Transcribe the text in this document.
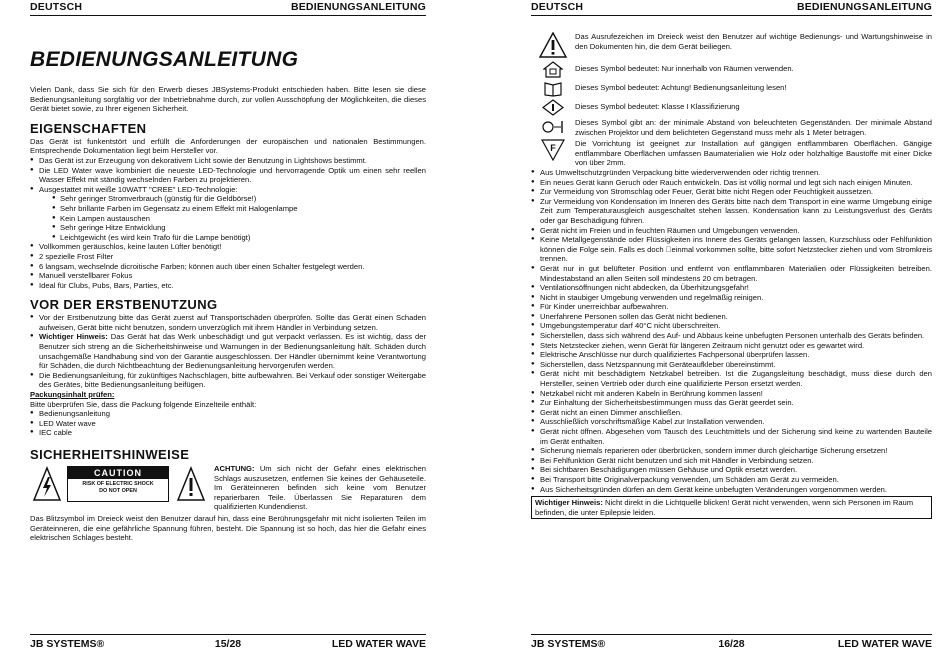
DEUTSCH	BEDIENUNGSANLEITUNG
BEDIENUNGSANLEITUNG

Vielen Dank, dass Sie sich für den Erwerb dieses JBSystems-Produkt entschieden haben. Bitte lesen sie diese Bedienungsanleitung sorgfältig vor der Inbetriebnahme durch, zur vollen Ausschöpfung der Möglichkeiten, die dieses Gerät bietet sowie, zu Ihrer eigenen Sicherheit.

EIGENSCHAFTEN

Das Gerät ist funkentstört und erfüllt die Anforderungen der europäischen und nationalen Bestimmungen. Entsprechende Dokumentation liegt beim Hersteller vor.

● Das Gerät ist zur Erzeugung von dekorativem Licht sowie der Benutzung in Lightshows bestimmt.
● Die LED Water wave kombiniert die neueste LED-Technologie und hervorragende Optik um einen sehr reellen Wasser Effekt mit ständig wechselnden Farben zu projektieren.
● Ausgestattet mit weiße 10WATT "CREE" LED-Technologie:
● Sehr geringer Stromverbrauch (günstig für die Geldbörse!)
● Sehr brillante Farben im Gegensatz zu einem Effekt mit Halogenlampe
● Kein Lampen austauschen
● Sehr geringe Hitze Entwicklung
● Leichtgewicht (es wird kein Trafo für die Lampe benötigt)
● Vollkommen geräuschlos, keine lauten Lüfter benötigt!
● 2 spezielle Frost Filter
● 6 langsam, wechselnde dicroitische Farben; können auch über einen Schalter festgelegt werden.
● Manuell verstellbarer Fokus
● Ideal für Clubs, Pubs, Bars, Parties, etc.
VOR DER ERSTBENUTZUNG
● Vor der Erstbenutzung bitte das Gerät zuerst auf Transportschäden überprüfen. Sollte das Gerät einen Schaden aufweisen, Gerät bitte nicht benutzen, sondern unverzüglich mit ihrem Händler in Verbindung setzen.
● Wichtiger Hinweis: Das Gerät hat das Werk unbeschädigt und gut verpackt verlassen. Es ist wichtig, dass der Benutzer sich streng an die Sicherheitshinweise und Warnungen in der Bedienungsanleitung hält. Schäden durch unsachgemäße Handhabung sind von der Garantie ausgeschlossen. Der Händler übernimmt keine Verantwortung für Schäden, die durch Nichtbeachtung der Bedienungsanleitung hervorgerufen werden.
● Die Bedienungsanleitung, für zukünftiges Nachschlagen, bitte aufbewahren. Bei Verkauf oder sonstiger Weitergabe des Gerätes, bitte Bedienungsanleitung beifügen.
Packungsinhalt prüfen:

Bitte überprüfen Sie, dass die Packung folgende Einzelteile enthält:

● Bedienungsanleitung
● LED Water wave
● IEC cable
SICHERHEITSHINWEISE
CAUTION
RISK OF ELECTRIC SHOCK
DO NOT OPEN
ACHTUNG: Um sich nicht der Gefahr eines elektrischen Schlags auszusetzen, entfernen Sie keines der Gehäuseteile. Im Geräteinneren befinden sich keine vom Benutzer reparierbaren Teile. Überlassen Sie Reparaturen dem qualifizierten Kundendienst.

Das Blitzsymbol im Dreieck weist den Benutzer darauf hin, dass eine Berührungsgefahr mit nicht isolierten Teilen im Geräteinneren, die eine gefährliche Spannung führen, besteht. Die Spannung ist so hoch, das hier die Gefahr eines elektrischen Schlages besteht.

JB SYSTEMS®	15/28	LED WATER WAVE
DEUTSCH	BEDIENUNGSANLEITUNG
Das Ausrufezeichen im Dreieck weist den Benutzer auf wichtige Bedienungs- und Wartungshinweise in den Dokumenten hin, die dem Gerät beiliegen.
Dieses Symbol bedeutet: Nur innerhalb von Räumen verwenden.
Dieses Symbol bedeutet: Achtung! Bedienungsanleitung lesen!
Dieses Symbol bedeutet: Klasse I Klassifizierung
Dieses Symbol gibt an: der minimale Abstand von beleuchteten Gegenständen. Der minimale Abstand zwischen Projektor und dem belichteten Gegenstand muss mehr als 1 Meter betragen.
F	Die Vorrichtung ist geeignet zur Installation auf gängigen entflammbaren Oberflächen. Gängige entflammbare Oberflächen umfassen Baumaterialien wie Holz oder holzhaltige Baustoffe mit einer Dicke von über 2mm.
● Aus Umweltschutzgründen Verpackung bitte wiederverwenden oder richtig trennen.
● Ein neues Gerät kann Geruch oder Rauch entwickeln. Das ist völlig normal und legt sich nach einigen Minuten.
● Zur Vermeidung von Stromschlag oder Feuer, Gerät bitte nicht Regen oder Feuchtigkeit aussetzen.
● Zur Vermeidung von Kondensation im Inneren des Geräts bitte nach dem Transport in eine warme Umgebung einige Zeit zum Temperaturausgleich ausgeschaltet stehen lassen. Kondensation kann zu Leistungsverlust des Geräts oder gar Beschädigung führen.
● Gerät nicht im Freien und in feuchten Räumen und Umgebungen verwenden.
● Keine Metallgegenstände oder Flüssigkeiten ins Innere des Geräts gelangen lassen, Kurzschluss oder Fehlfunktion können die Folge sein. Falls es doch  einmal vorkommen sollte, bitte sofort Netzstecker ziehen und vom Stromkreis trennen.
● Gerät nur in gut belüfteter Position und entfernt von entflammbaren Materialien oder Flüssigkeiten betreiben. Mindestabstand an allen Seiten soll mindestens 20 cm betragen.
● Ventilationsöffnungen nicht abdecken, da Überhitzungsgefahr!
● Nicht in staubiger Umgebung verwenden und regelmäßig reinigen.
● Für Kinder unerreichbar aufbewahren.
● Unerfahrene Personen sollen das Gerät nicht bedienen.
● Umgebungstemperatur darf 40°C nicht überschreiten.
● Sicherstellen, dass sich während des Auf- und Abbaus keine unbefugten Personen unterhalb des Geräts befinden.
● Stets Netzstecker ziehen, wenn Gerät für längeren Zeitraum nicht genutzt oder es gewartet wird.
● Elektrische Anschlüsse nur durch qualifiziertes Fachpersonal überprüfen lassen.
● Sicherstellen, dass Netzspannung mit Geräteaufkleber übereinstimmt.
● Gerät nicht mit beschädigtem Netzkabel betreiben. Ist die Zugangsleitung beschädigt, muss diese durch den Hersteller, seinen Vertrieb oder durch eine qualifizierte Person ersetzt werden.
● Netzkabel nicht mit anderen Kabeln in Berührung kommen lassen!
● Zur Einhaltung der Sicherheitsbestimmungen muss das Gerät geerdet sein.
● Gerät nicht an einen Dimmer anschließen.
● Ausschließlich vorschriftsmäßige Kabel zur Installation verwenden.
● Gerät nicht öffnen. Abgesehen vom Tausch des Leuchtmittels und der Sicherung sind keine zu wartenden Bauteile im Gerät enthalten.
● Sicherung niemals reparieren oder überbrücken, sondern immer durch gleichartige Sicherung ersetzen!
● Bei Fehlfunktion Gerät nicht benutzen und sich mit Händler in Verbindung setzen.
● Bei sichtbaren Beschädigungen müssen Gehäuse und Optik ersetzt werden.
● Bei Transport bitte Originalverpackung verwenden, um Schäden am Gerät zu vermeiden.
● Aus Sicherheitsgründen dürfen an dem Gerät keine unbefugten Veränderungen vorgenommen werden.
Wichtiger Hinweis: Nicht direkt in die Lichtquelle blicken! Gerät nicht verwenden, wenn sich Personen im Raum befinden, die unter Epilepsie leiden.
JB SYSTEMS®	16/28	LED WATER WAVE
